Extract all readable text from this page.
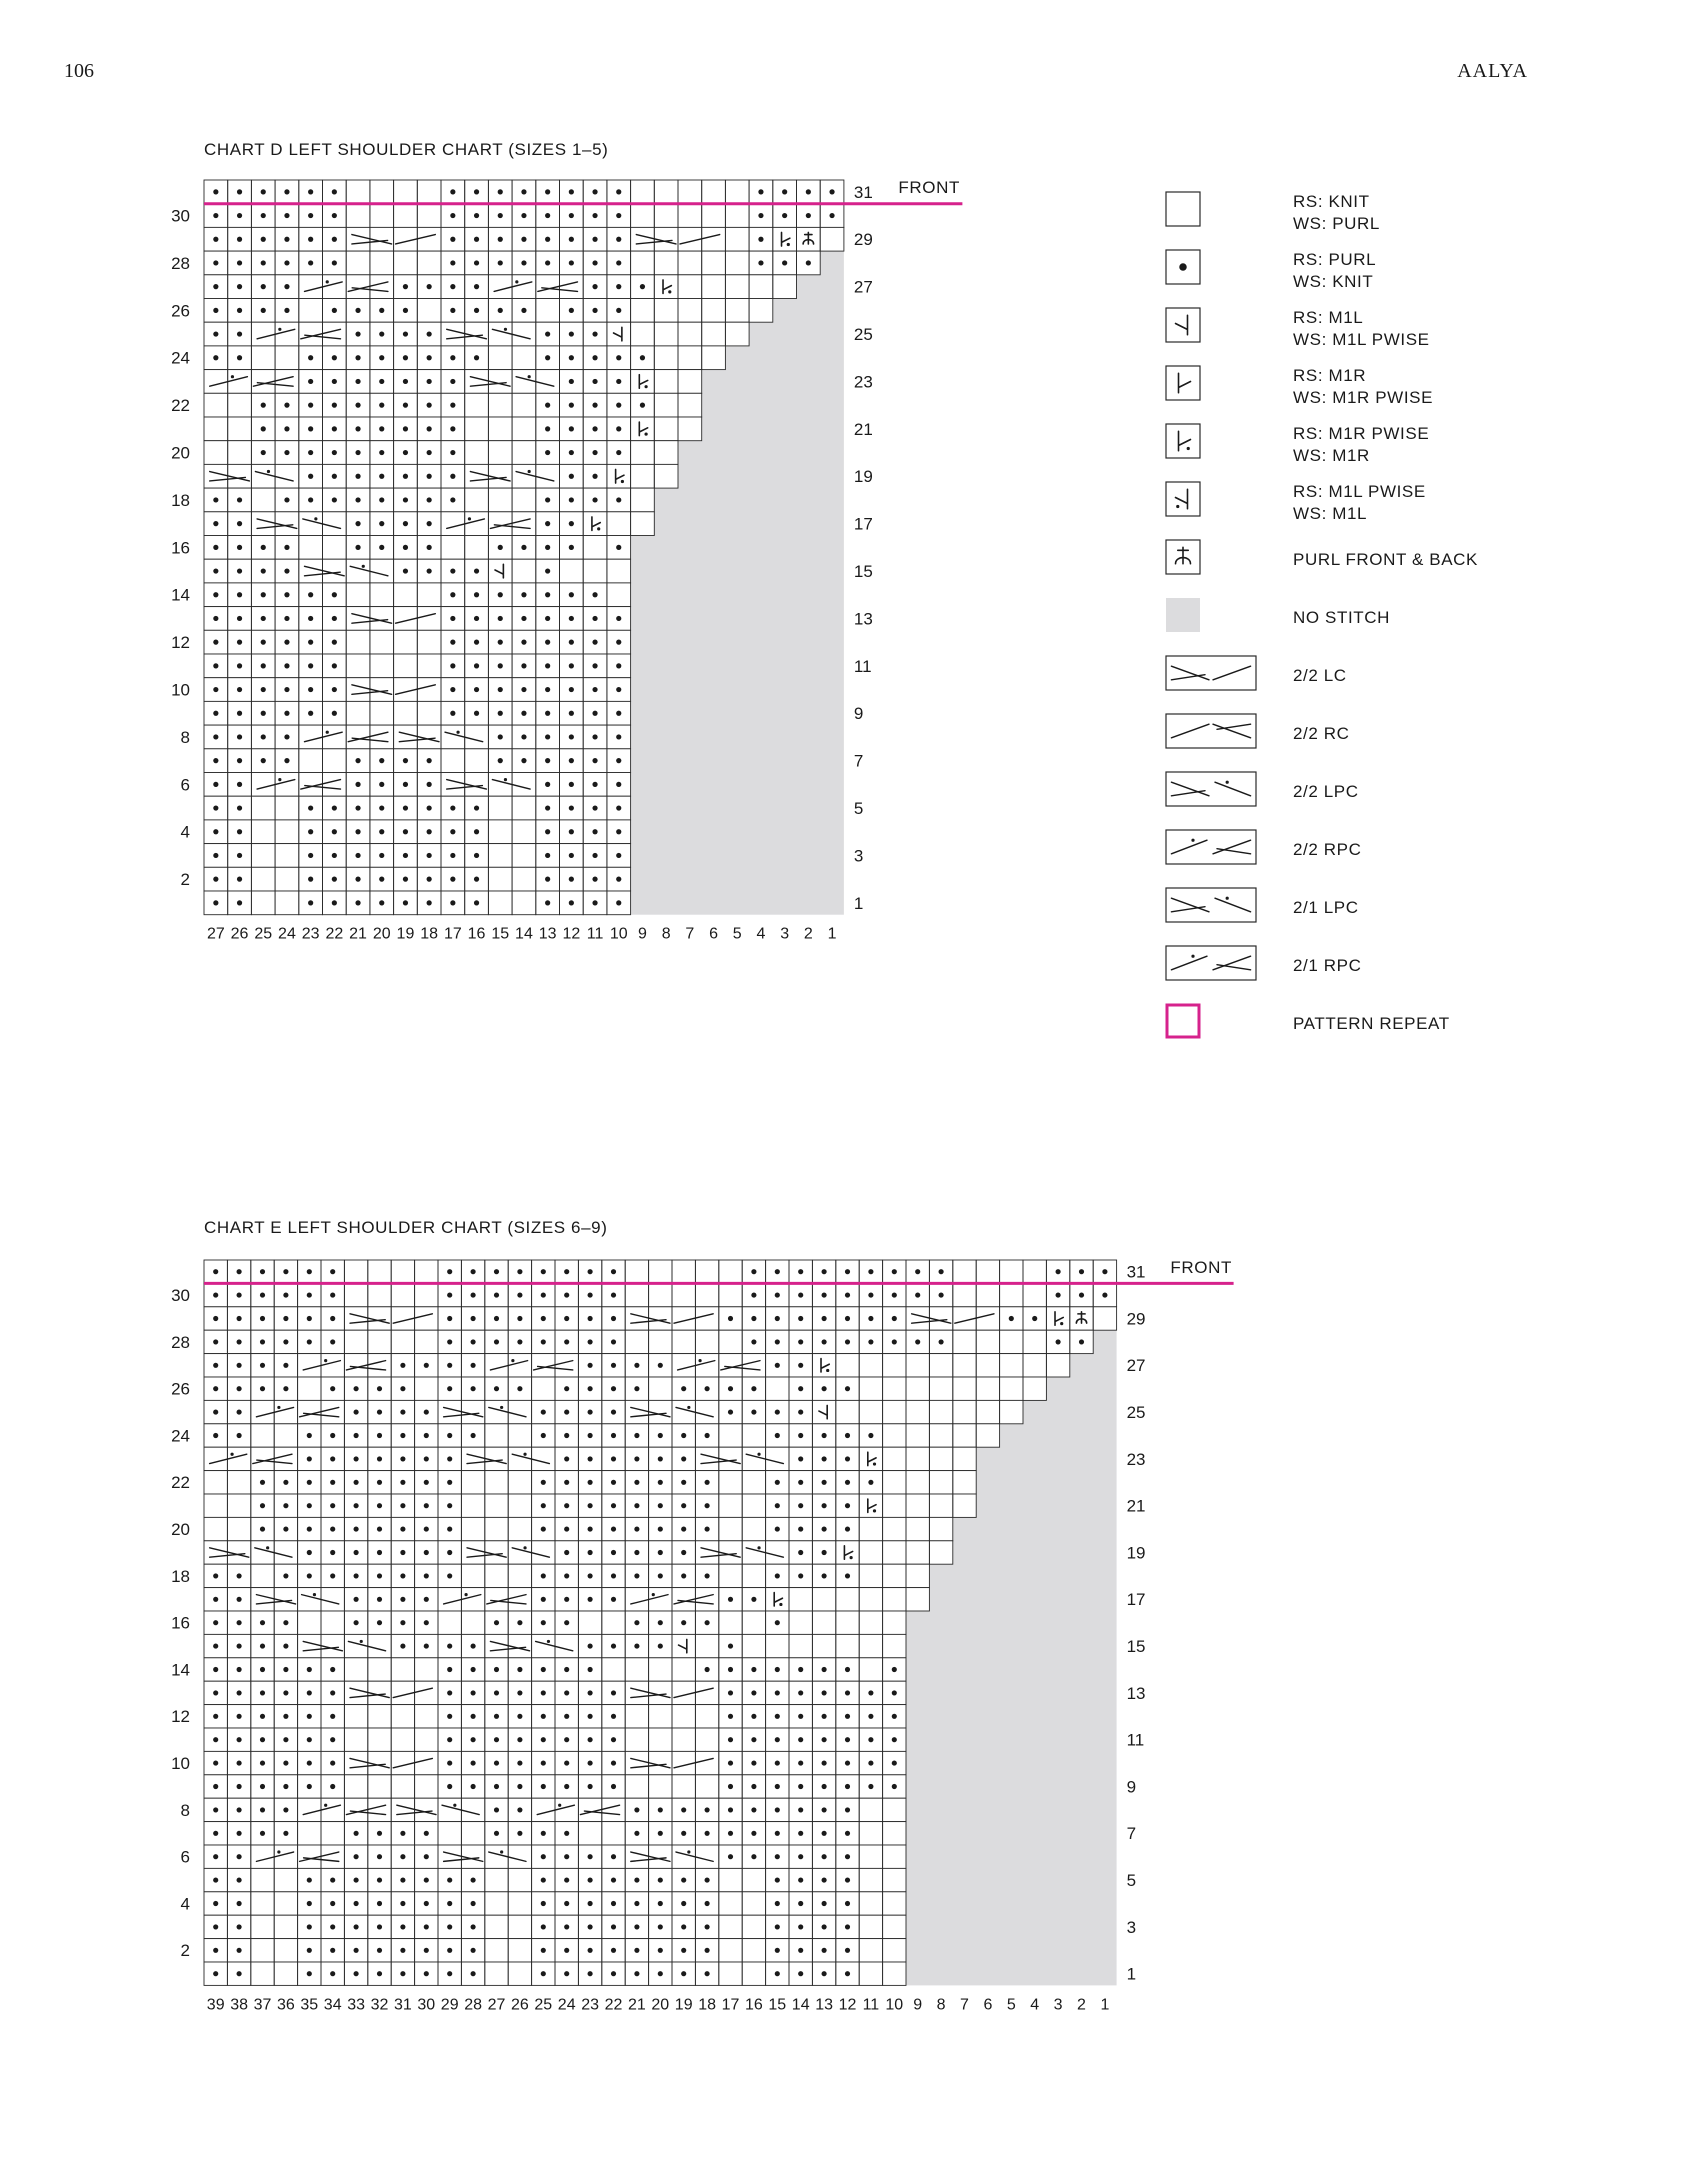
106	AALYA
CHART D LEFT SHOULDER CHART (SIZES 1–5)
FRONT
30
28
26
24
22
20
18
16
14
12
10
8
6
4
2
31
29
27
25
23
21
19
17
15
13
11
9
7
5
3
1
27 26 25 24 23 22 21 20 19 18 17 16 15 14 13 12 11 10 9 8 7 6 5 4 3 2 1
CHART E LEFT SHOULDER CHART (SIZES 6–9)
FRONT
30
28
26
24
22
20
18
16
14
12
10
8
6
4
2
31
29
27
25
23
21
19
17
15
13
11
9
7
5
3
1
39 38 37 36 35 34 33 32 31 30 29 28 27 26 25 24 23 22 21 20 19 18 17 16 15 14 13 12 11 10 9 8 7 6 5 4 3 2 1
RS: KNIT
WS: PURL
RS: PURL
WS: KNIT
RS: M1L
WS: M1L PWISE
RS: M1R
WS: M1R PWISE
RS: M1R PWISE
WS: M1R
RS: M1L PWISE
WS: M1L
PURL FRONT & BACK
NO STITCH
2/2 LC
2/2 RC
2/2 LPC
2/2 RPC
2/1 LPC
2/1 RPC
PATTERN REPEAT
